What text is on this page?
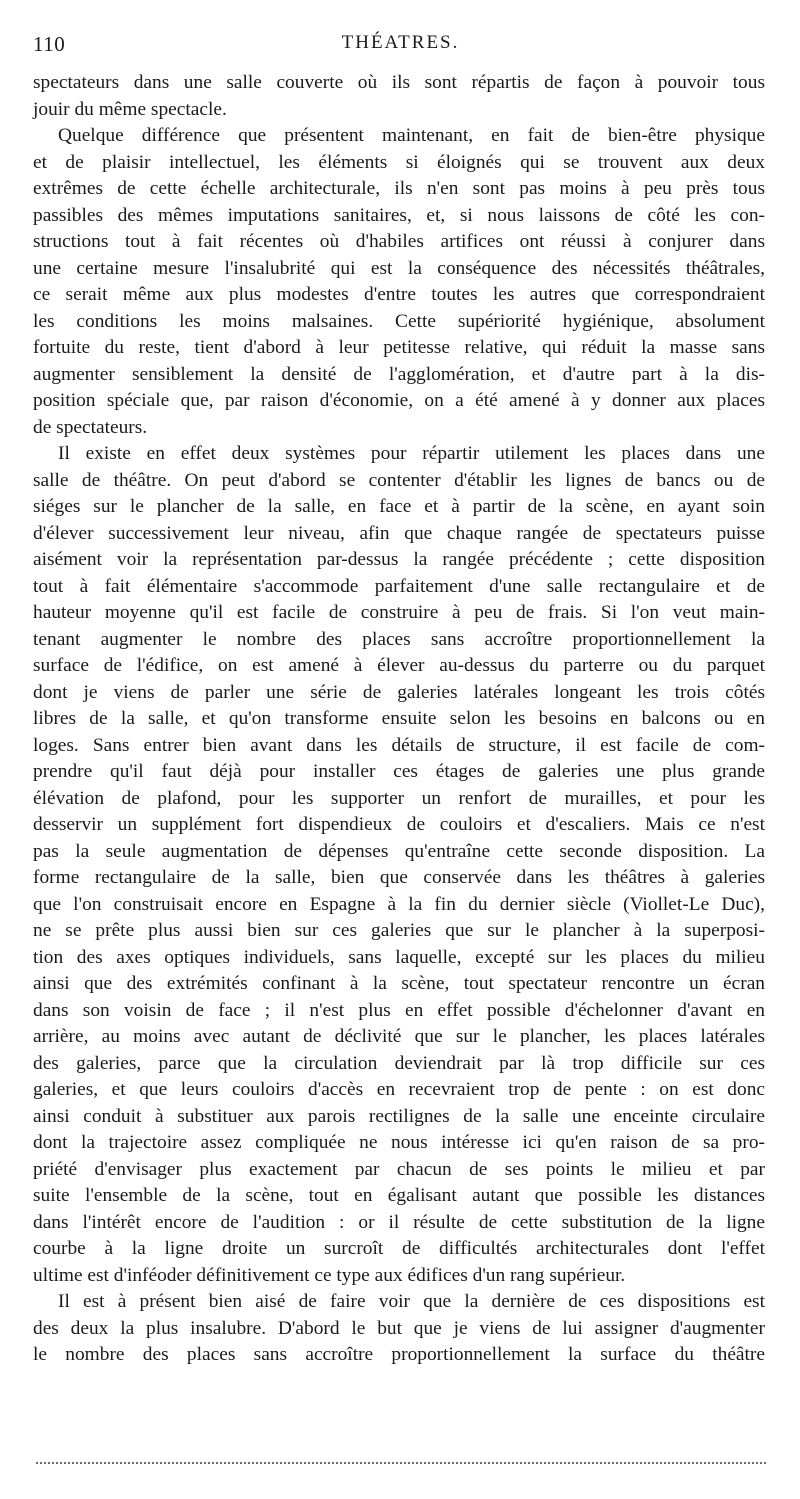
110	THÉATRES.
spectateurs dans une salle couverte où ils sont répartis de façon à pouvoir tous
jouir du même spectacle.
Quelque différence que présentent maintenant, en fait de bien-être physique
et de plaisir intellectuel, les éléments si éloignés qui se trouvent aux deux
extrêmes de cette échelle architecturale, ils n'en sont pas moins à peu près tous
passibles des mêmes imputations sanitaires, et, si nous laissons de côté les con-
structions tout à fait récentes où d'habiles artifices ont réussi à conjurer dans
une certaine mesure l'insalubrité qui est la conséquence des nécessités théâtrales,
ce serait même aux plus modestes d'entre toutes les autres que correspondraient
les conditions les moins malsaines. Cette supériorité hygiénique, absolument
fortuite du reste, tient d'abord à leur petitesse relative, qui réduit la masse sans
augmenter sensiblement la densité de l'agglomération, et d'autre part à la dis-
position spéciale que, par raison d'économie, on a été amené à y donner aux places
de spectateurs.
Il existe en effet deux systèmes pour répartir utilement les places dans une
salle de théâtre. On peut d'abord se contenter d'établir les lignes de bancs ou de
siéges sur le plancher de la salle, en face et à partir de la scène, en ayant soin
d'élever successivement leur niveau, afin que chaque rangée de spectateurs puisse
aisément voir la représentation par-dessus la rangée précédente ; cette disposition
tout à fait élémentaire s'accommode parfaitement d'une salle rectangulaire et de
hauteur moyenne qu'il est facile de construire à peu de frais. Si l'on veut main-
tenant augmenter le nombre des places sans accroître proportionnellement la
surface de l'édifice, on est amené à élever au-dessus du parterre ou du parquet
dont je viens de parler une série de galeries latérales longeant les trois côtés
libres de la salle, et qu'on transforme ensuite selon les besoins en balcons ou en
loges. Sans entrer bien avant dans les détails de structure, il est facile de com-
prendre qu'il faut déjà pour installer ces étages de galeries une plus grande
élévation de plafond, pour les supporter un renfort de murailles, et pour les
desservir un supplément fort dispendieux de couloirs et d'escaliers. Mais ce n'est
pas la seule augmentation de dépenses qu'entraîne cette seconde disposition. La
forme rectangulaire de la salle, bien que conservée dans les théâtres à galeries
que l'on construisait encore en Espagne à la fin du dernier siècle (Viollet-Le Duc),
ne se prête plus aussi bien sur ces galeries que sur le plancher à la superposi-
tion des axes optiques individuels, sans laquelle, excepté sur les places du milieu
ainsi que des extrémités confinant à la scène, tout spectateur rencontre un écran
dans son voisin de face ; il n'est plus en effet possible d'échelonner d'avant en
arrière, au moins avec autant de déclivité que sur le plancher, les places latérales
des galeries, parce que la circulation deviendrait par là trop difficile sur ces
galeries, et que leurs couloirs d'accès en recevraient trop de pente : on est donc
ainsi conduit à substituer aux parois rectilignes de la salle une enceinte circulaire
dont la trajectoire assez compliquée ne nous intéresse ici qu'en raison de sa pro-
priété d'envisager plus exactement par chacun de ses points le milieu et par
suite l'ensemble de la scène, tout en égalisant autant que possible les distances
dans l'intérêt encore de l'audition : or il résulte de cette substitution de la ligne
courbe à la ligne droite un surcroît de difficultés architecturales dont l'effet
ultime est d'inféoder définitivement ce type aux édifices d'un rang supérieur.
Il est à présent bien aisé de faire voir que la dernière de ces dispositions est
des deux la plus insalubre. D'abord le but que je viens de lui assigner d'augmenter
le nombre des places sans accroître proportionnellement la surface du théâtre
